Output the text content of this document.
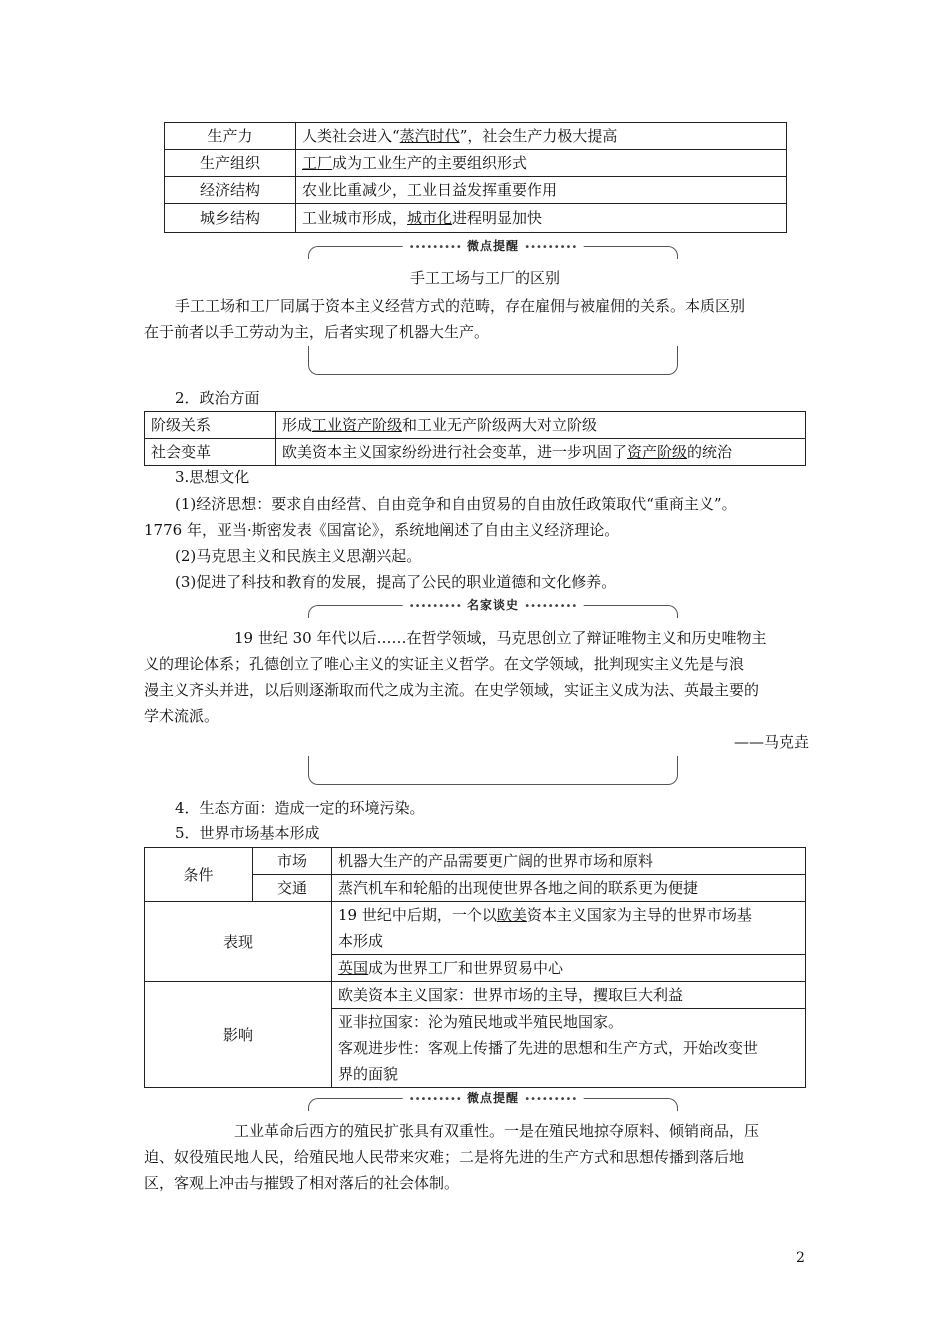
生产力	人类社会进入“蒸汽时代”，社会生产力极大提高
生产组织	工厂成为工业生产的主要组织形式
经济结构	农业比重减少，工业日益发挥重要作用
城乡结构	工业城市形成，城市化进程明显加快
••••••••• 微点提醒 •••••••••
手工工场与工厂的区别
手工工场和工厂同属于资本主义经营方式的范畴，存在雇佣与被雇佣的关系。本质区别
在于前者以手工劳动为主，后者实现了机器大生产。
2．政治方面
阶级关系	形成工业资产阶级和工业无产阶级两大对立阶级
社会变革	欧美资本主义国家纷纷进行社会变革，进一步巩固了资产阶级的统治
3.思想文化
(1)经济思想：要求自由经营、自由竞争和自由贸易的自由放任政策取代“重商主义”。
1776 年，亚当·斯密发表《国富论》，系统地阐述了自由主义经济理论。
(2)马克思主义和民族主义思潮兴起。
(3)促进了科技和教育的发展，提高了公民的职业道德和文化修养。
••••••••• 名家谈史 •••••••••
19 世纪 30 年代以后……在哲学领域，马克思创立了辩证唯物主义和历史唯物主
义的理论体系；孔德创立了唯心主义的实证主义哲学。在文学领域，批判现实主义先是与浪
漫主义齐头并进，以后则逐渐取而代之成为主流。在史学领域，实证主义成为法、英最主要的
学术流派。
——马克垚
4．生态方面：造成一定的环境污染。
5．世界市场基本形成
条件	市场	机器大生产的产品需要更广阔的世界市场和原料
	交通	蒸汽机车和轮船的出现使世界各地之间的联系更为便捷
表现		19 世纪中后期，一个以欧美资本主义国家为主导的世界市场基
本形成
		英国成为世界工厂和世界贸易中心
影响		欧美资本主义国家：世界市场的主导，攫取巨大利益
		亚非拉国家：沦为殖民地或半殖民地国家。
客观进步性：客观上传播了先进的思想和生产方式，开始改变世
界的面貌
••••••••• 微点提醒 •••••••••
工业革命后西方的殖民扩张具有双重性。一是在殖民地掠夺原料、倾销商品，压
迫、奴役殖民地人民，给殖民地人民带来灾难；二是将先进的生产方式和思想传播到落后地
区，客观上冲击与摧毁了相对落后的社会体制。
2
